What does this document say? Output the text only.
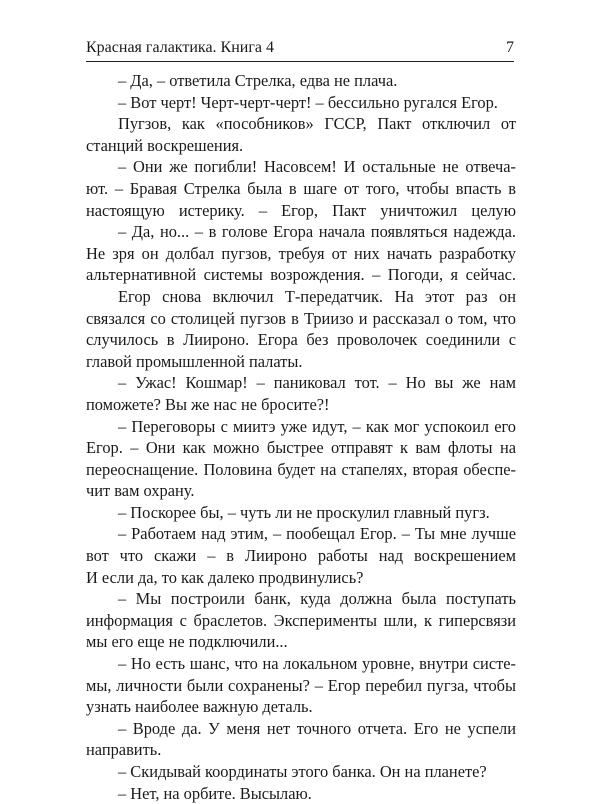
Красная галактика. Книга 4	7
– Да, – ответила Стрелка, едва не плача.
– Вот черт! Черт-черт-черт! – бессильно ругался Егор.
Пугзов, как «пособников» ГССР, Пакт отключил от
станций воскрешения.
– Они же погибли! Насовсем! И остальные не отвеча-
ют. – Бравая Стрелка была в шаге от того, чтобы впасть в
настоящую истерику. – Егор, Пакт уничтожил целую
– Да, но... – в голове Егора начала появляться надежда.
Не зря он долбал пугзов, требуя от них начать разработку
альтернативной системы возрождения. – Погоди, я сейчас.
Егор снова включил Т-передатчик. На этот раз он
связался со столицей пугзов в Триизо и рассказал о том, что
случилось в Лииронo. Егора без проволочек соединили с
главой промышленной палаты.
– Ужас! Кошмар! – паниковал тот. – Но вы же нам
поможете? Вы же нас не бросите?!
– Переговоры с миитэ уже идут, – как мог успокоил его
Егор. – Они как можно быстрее отправят к вам флоты на
переоснащение. Половина будет на стапелях, вторая обеспе-
чит вам охрану.
– Поскорее бы, – чуть ли не проскулил главный пугз.
– Работаем над этим, – пообещал Егор. – Ты мне лучше
вот что скажи – в Лииронo работы над воскрешением
И если да, то как далеко продвинулись?
– Мы построили банк, куда должна была поступать
информация с браслетов. Эксперименты шли, к гиперсвязи
мы его еще не подключили...
– Но есть шанс, что на локальном уровне, внутри систе-
мы, личности были сохранены? – Егор перебил пугза, чтобы
узнать наиболее важную деталь.
– Вроде да. У меня нет точного отчета. Его не успели
направить.
– Скидывай координаты этого банка. Он на планете?
– Нет, на орбите. Высылаю.
